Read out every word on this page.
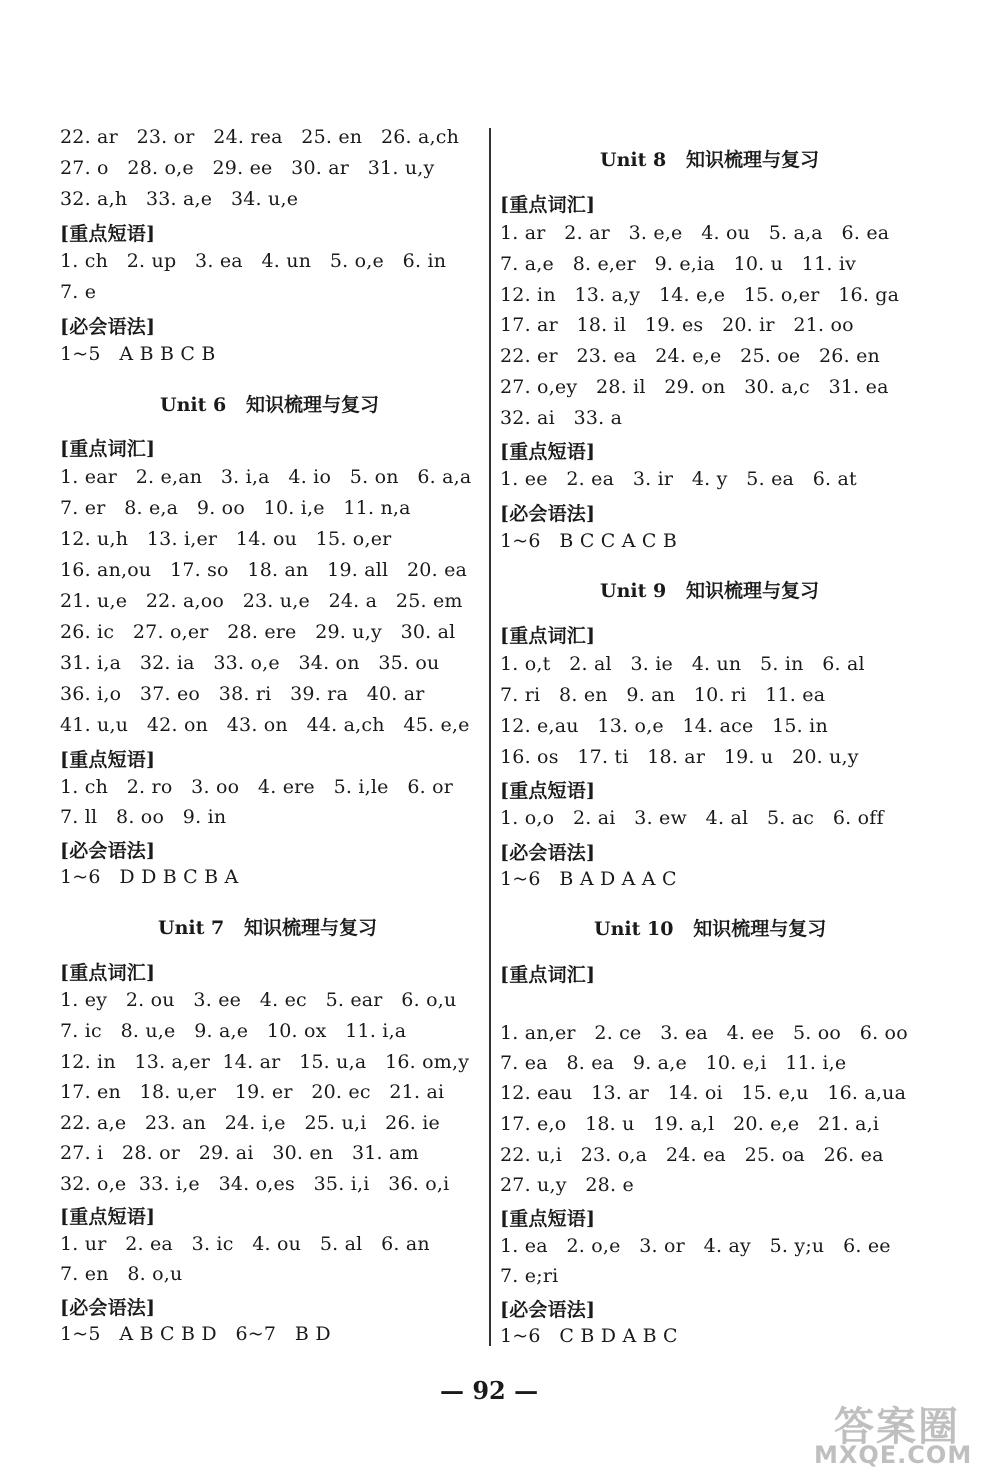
22. ar   23. or   24. rea   25. en   26. a,ch
27. o   28. o,e   29. ee   30. ar   31. u,y
32. a,h   33. a,e   34. u,e
[重点短语]
1. ch   2. up   3. ea   4. un   5. o,e   6. in
7. e
[必会语法]
1~5   A B B C B
Unit 6   知识梳理与复习
[重点词汇]
1. ear   2. e,an   3. i,a   4. io   5. on   6. a,a
7. er   8. e,a   9. oo   10. i,e   11. n,a
12. u,h   13. i,er   14. ou   15. o,er
16. an,ou   17. so   18. an   19. all   20. ea
21. u,e   22. a,oo   23. u,e   24. a   25. em
26. ic   27. o,er   28. ere   29. u,y   30. al
31. i,a   32. ia   33. o,e   34. on   35. ou
36. i,o   37. eo   38. ri   39. ra   40. ar
41. u,u   42. on   43. on   44. a,ch   45. e,e
[重点短语]
1. ch   2. ro   3. oo   4. ere   5. i,le   6. or
7. ll   8. oo   9. in
[必会语法]
1~6   D D B C B A
Unit 7   知识梳理与复习
[重点词汇]
1. ey   2. ou   3. ee   4. ec   5. ear   6. o,u
7. ic   8. u,e   9. a,e   10. ox   11. i,a
12. in   13. a,er  14. ar   15. u,a   16. om,y
17. en   18. u,er   19. er   20. ec   21. ai
22. a,e   23. an   24. i,e   25. u,i   26. ie
27. i   28. or   29. ai   30. en   31. am
32. o,e  33. i,e   34. o,es   35. i,i   36. o,i
[重点短语]
1. ur   2. ea   3. ic   4. ou   5. al   6. an
7. en   8. o,u
[必会语法]
1~5   A B C B D   6~7   B D
Unit 8   知识梳理与复习
[重点词汇]
1. ar   2. ar   3. e,e   4. ou   5. a,a   6. ea
7. a,e   8. e,er   9. e,ia   10. u   11. iv
12. in   13. a,y   14. e,e   15. o,er   16. ga
17. ar   18. il   19. es   20. ir   21. oo
22. er   23. ea   24. e,e   25. oe   26. en
27. o,ey   28. il   29. on   30. a,c   31. ea
32. ai   33. a
[重点短语]
1. ee   2. ea   3. ir   4. y   5. ea   6. at
[必会语法]
1~6   B C C A C B
Unit 9   知识梳理与复习
[重点词汇]
1. o,t   2. al   3. ie   4. un   5. in   6. al
7. ri   8. en   9. an   10. ri   11. ea
12. e,au   13. o,e   14. ace   15. in
16. os   17. ti   18. ar   19. u   20. u,y
[重点短语]
1. o,o   2. ai   3. ew   4. al   5. ac   6. off
[必会语法]
1~6   B A D A A C
Unit 10   知识梳理与复习
[重点词汇]
1. an,er   2. ce   3. ea   4. ee   5. oo   6. oo
7. ea   8. ea   9. a,e   10. e,i   11. i,e
12. eau   13. ar   14. oi   15. e,u   16. a,ua
17. e,o   18. u   19. a,l   20. e,e   21. a,i
22. u,i   23. o,a   24. ea   25. oa   26. ea
27. u,y   28. e
[重点短语]
1. ea   2. o,e   3. or   4. ay   5. y;u   6. ee
7. e;ri
[必会语法]
1~6   C B D A B C
— 92 —
答案圈
MXQE.COM
